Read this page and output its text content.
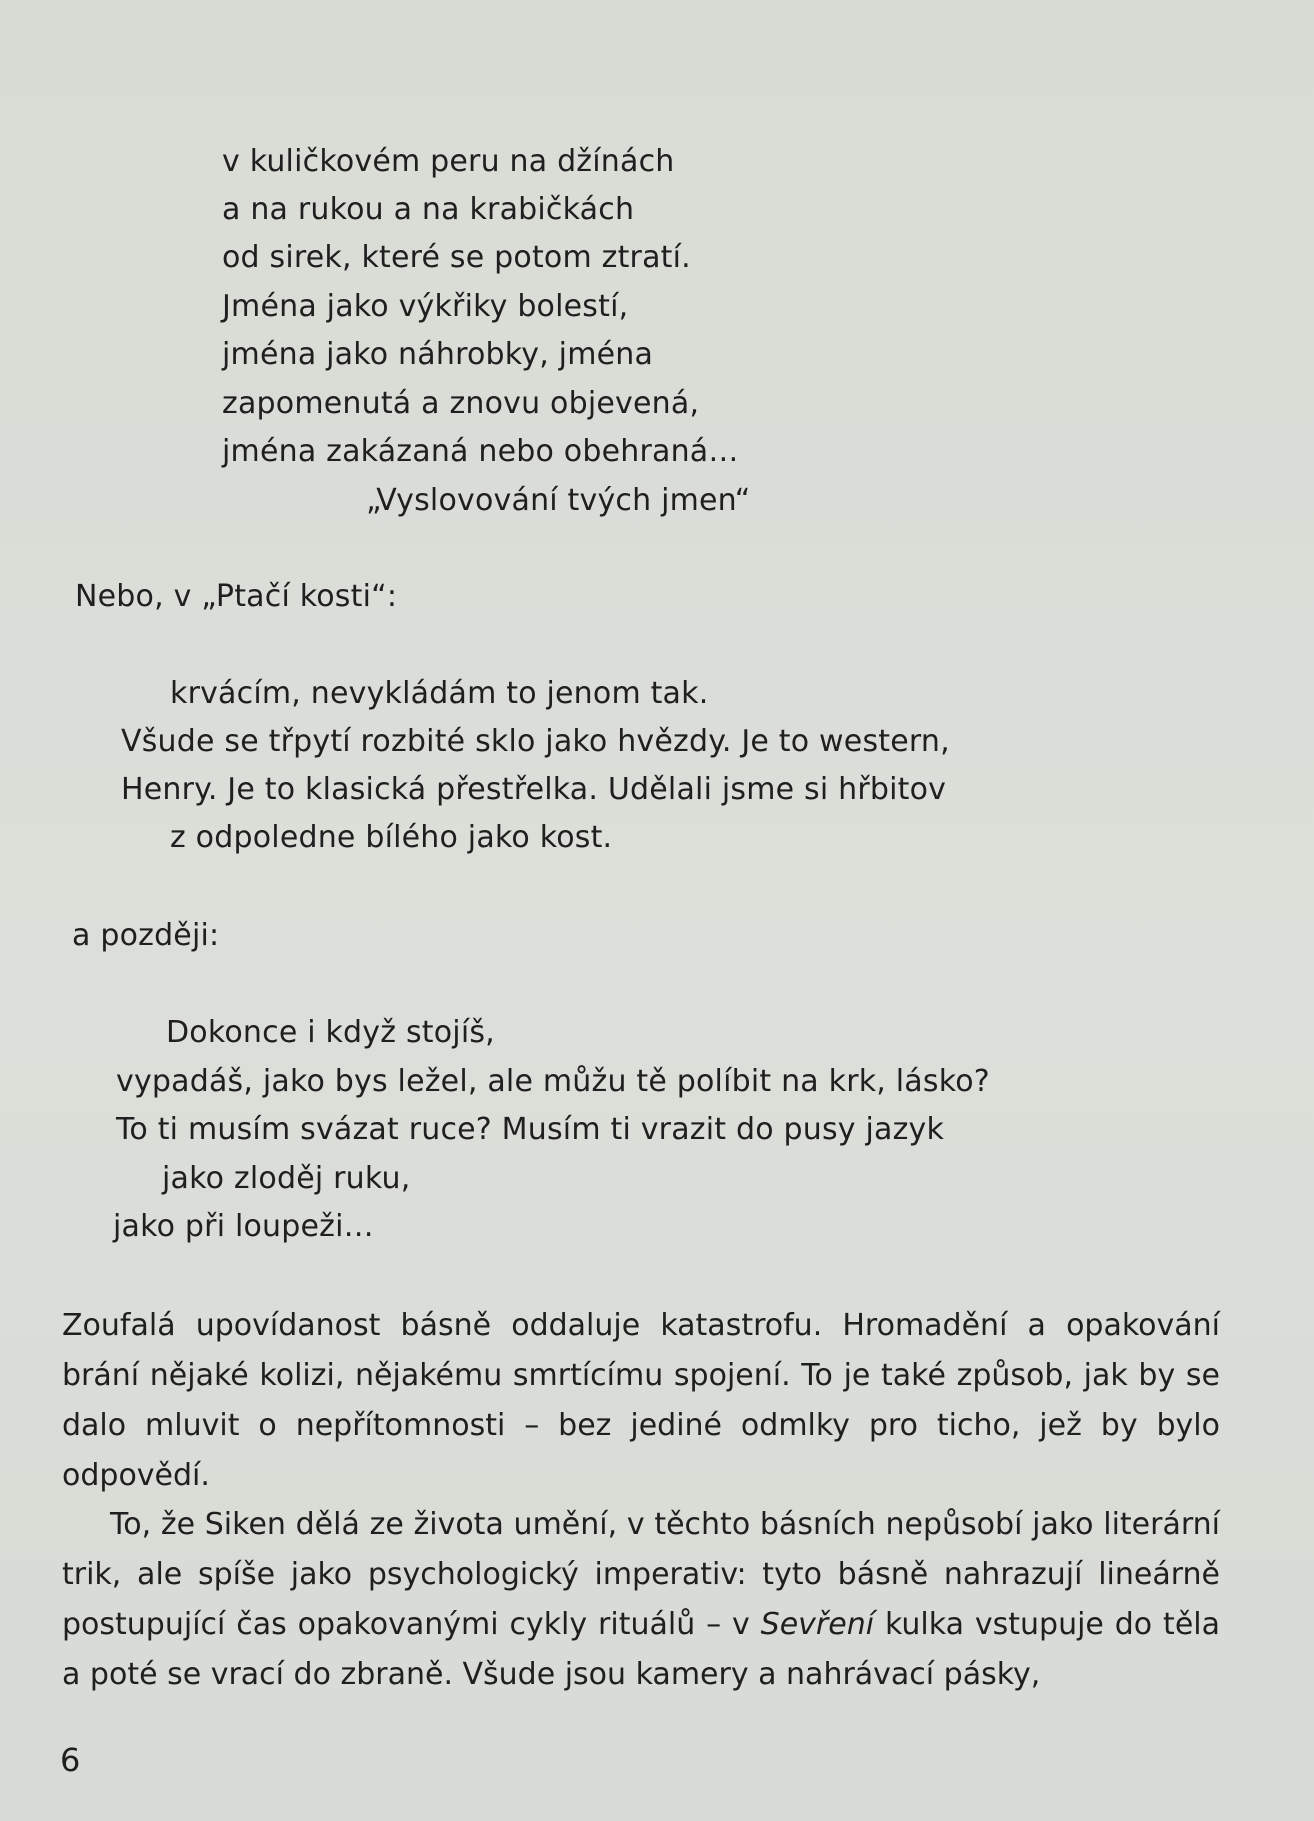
v kuličkovém peru na džínách
a na rukou a na krabičkách
od sirek, které se potom ztratí.
Jména jako výkřiky bolestí,
jména jako náhrobky, jména
zapomenutá a znovu objevená,
jména zakázaná nebo obehraná…
„Vyslovování tvých jmen“
Nebo, v „Ptačí kosti“:
krvácím, nevykládám to jenom tak.
Všude se třpytí rozbité sklo jako hvězdy. Je to western,
Henry. Je to klasická přestřelka. Udělali jsme si hřbitov
z odpoledne bílého jako kost.
a později:
Dokonce i když stojíš,
vypadáš, jako bys ležel, ale můžu tě políbit na krk, lásko?
To ti musím svázat ruce? Musím ti vrazit do pusy jazyk
jako zloděj ruku,
jako při loupeži…

Zoufalá upovídanost básně oddaluje katastrofu. Hromadění a opakování brání nějaké kolizi, nějakému smrtícímu spojení. To je také způsob, jak by se dalo mluvit o nepřítomnosti – bez jediné odmlky pro ticho, jež by bylo odpovědí.

To, že Siken dělá ze života umění, v těchto básních nepůsobí jako literární trik, ale spíše jako psychologický imperativ: tyto básně nahrazují lineárně postupující čas opakovanými cykly rituálů – v Sevření kulka vstupuje do těla a poté se vrací do zbraně. Všude jsou kamery a nahrávací pásky,

6
